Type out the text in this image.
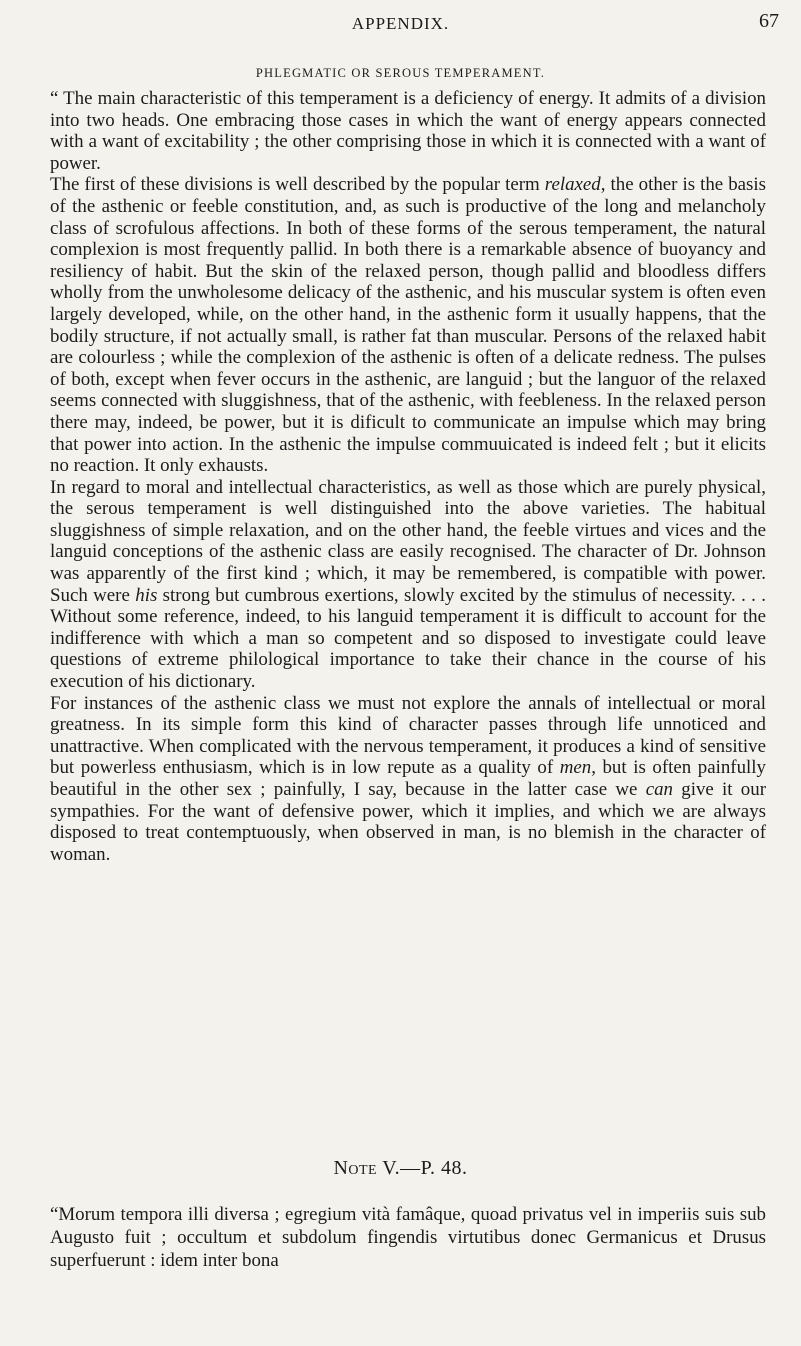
APPENDIX.	67
PHLEGMATIC OR SEROUS TEMPERAMENT.

“ The main characteristic of this temperament is a deficiency of energy. It admits of a division into two heads. One embracing those cases in which the want of energy appears connected with a want of excitability ; the other comprising those in which it is connected with a want of power.

The first of these divisions is well described by the popular term relaxed, the other is the basis of the asthenic or feeble constitution, and, as such is productive of the long and melancholy class of scrofulous affections. In both of these forms of the serous temperament, the natural complexion is most frequently pallid. In both there is a remarkable absence of buoyancy and resiliency of habit. But the skin of the relaxed person, though pallid and bloodless differs wholly from the unwholesome delicacy of the asthenic, and his muscular system is often even largely developed, while, on the other hand, in the asthenic form it usually happens, that the bodily structure, if not actually small, is rather fat than muscular. Persons of the relaxed habit are colourless ; while the complexion of the asthenic is often of a delicate redness. The pulses of both, except when fever occurs in the asthenic, are languid ; but the languor of the relaxed seems connected with sluggishness, that of the asthenic, with feebleness. In the relaxed person there may, indeed, be power, but it is dificult to communicate an impulse which may bring that power into action. In the asthenic the impulse commuuicated is indeed felt ; but it elicits no reaction. It only exhausts.

In regard to moral and intellectual characteristics, as well as those which are purely physical, the serous temperament is well distinguished into the above varieties. The habitual sluggishness of simple relaxation, and on the other hand, the feeble virtues and vices and the languid conceptions of the asthenic class are easily recognised. The character of Dr. Johnson was apparently of the first kind ; which, it may be remembered, is compatible with power. Such were his strong but cumbrous exertions, slowly excited by the stimulus of necessity. . . . Without some reference, indeed, to his languid temperament it is difficult to account for the indifference with which a man so competent and so disposed to investigate could leave questions of extreme philological importance to take their chance in the course of his execution of his dictionary.

For instances of the asthenic class we must not explore the annals of intellectual or moral greatness. In its simple form this kind of character passes through life unnoticed and unattractive. When complicated with the nervous temperament, it produces a kind of sensitive but powerless enthusiasm, which is in low repute as a quality of men, but is often painfully beautiful in the other sex ; painfully, I say, because in the latter case we can give it our sympathies. For the want of defensive power, which it implies, and which we are always disposed to treat contemptuously, when observed in man, is no blemish in the character of woman.

Note V.—P. 48.

“Morum tempora illi diversa ; egregium vità famâque, quoad privatus vel in imperiis suis sub Augusto fuit ; occultum et subdolum fingendis virtutibus donec Germanicus et Drusus superfuerunt : idem inter bona
